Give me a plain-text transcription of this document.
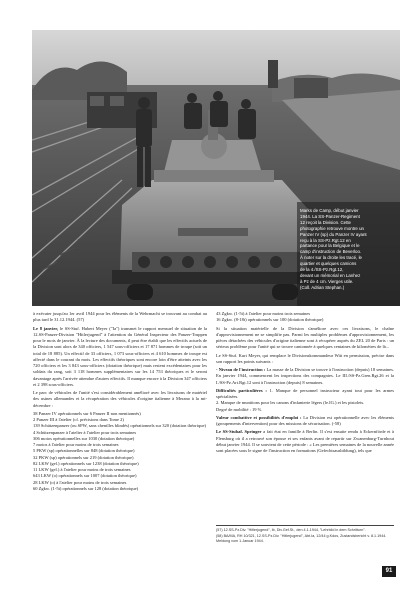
Marks de Camp, début janvier
1944. La SS-Panzer-Regiment
12 reçoit la Division. Cette
photographie retrouve montre un
Panzer IV (sp) du Panzer IV ayant
reçu à la SS-Pz.Rgt.12 en
partance pour la Belgique et le
camp d'instruction de Beverloo.
À noter sur la droite les tracé, le
quartier et quelques camions
de la 4./SS-Pz.Rgt.12,
devant un mémorial en Lanhez
à Pz de 4 cm. Vierges utile.
(Coll. Adrian Stephan.)

à exécuter jusqu'au 1er avril 1944 pour les éléments de la Wehrmacht se trouvant au combat au plus tard le 31.12.1944. (57)

Le 8 janvier, le SS-Stuf. Hubert Meyer ("Ia") transmet le rapport mensuel de situation de la 12.SS-Panzer-Division "Hitlerjugend" à l'attention du Général Inspecteur des Panzer-Truppen pour le mois de janvier. À la lecture des documents, il peut être établi que les effectifs actuels de la Division sont alors de 340 officiers, 1 547 sous-officiers et 17 871 hommes de troupe (soit un total de 18 885). Un effectif de 33 officiers, 1 073 sous-officiers et 4 610 hommes de troupe est affecté dans le courant du mois. Les effectifs théoriques sont encore loin d'être atteints avec les 720 officiers et les 3 843 sous-officiers (dotation théorique) mais restent excédentaires pour les soldats du rang, soit 3 118 hommes supplémentaires sur les 14 753 théoriques et le seront davantage après l'arrivée attendue d'autres effectifs. Il manque encore à la Division 347 officiers et 2 398 sous-officiers.

Le parc de véhicules de l'unité s'est considérablement amélioré avec les livraisons de matériel des usines allemandes et la récupération des véhicules d'origine italienne à Merano à la mi-décembre :

38 Panzer IV opérationnels sur 6 Panzer II non mentionnés)

2 Panzer III à l'atelier (cf. précisions dans Tome 2)

139 Schützenpanzer (ou SPW, sans chenilles blindés) opérationnels sur 320 (dotation théorique)

4 Schützenpanzer à l'atelier à l'atelier pour trois semaines

306 motos opérationnelles sur 1030 (dotation théorique)

7 motos à l'atelier pour moins de trois semaines

5 PKW (sp) opérationnelles sur 848 (dotation théorique)

32 PKW (sp) opérationnels sur 219 (dotation théorique)

82 LKW (gel.) opérationnels sur 1238 (dotation théorique)

11 LKW (gel.) à l'atelier pour moins de trois semaines

643 LKW (o) opérationnels sur 1007 (dotation théorique)

28 LKW (o) à l'atelier pour moins de trois semaines

60 Zgkw. (1-5t) opérationnels sur 128 (dotation théorique)

43 Zgkw. (1-5t) à l'atelier pour moins trois semaines

16 Zgkw. (8-18t) opérationnels sur 100 (dotation théorique)

Si la situation matérielle de la Division s'améliore avec ces livraisons, le chaîne d'approvisionnement ne se simplifie pas. Parmi les multiples problèmes d'approvisionnement, les pièces détachées des véhicules d'origine italienne sont à récupérer auprès du ZEL 20 de Paris : un sérieux problème pour l'unité qui se trouve cantonnée à quelques centaines de kilomètres de là...

Le SS-Stuf. Kurt Meyer, qui remplace le Divisionskommandeur Witt en permission, précise dans son rapport les points suivants :

- Niveau de l'instruction : La masse de la Division se trouve à l'instruction (depuis) 18 semaines. En janvier 1944, commencent les inspections des compagnies. Le III./SS-Pz.Gren.Rgt.26 et la I./SS-Pz.Art.Rgt.12 sont à l'instruction (depuis) 8 semaines.

Difficultés particulières : 1. Manque de personnel instructeur ayant tout pour les armes spécialisées.

2. Manque de munitions pour les canons d'infanterie légers (le.IG.) et les pistolets.

Degré de mobilité : 19 %

Valeur combattive et possibilités d'emploi : La Division est opérationnelle avec les éléments (groupements d'intervention) pour des missions de sécurisation. (-58)

Le SS-Stubaf. Springer a fait état en famille à Berlin. Il s'est ensuite rendu à Eckernförde et à Flensburg où il a retrouvé son épouse et ses enfants avant de repartir sur Zwanenburg-Turnhout début janvier 1944. Il se souvient de cette période : « Les premières semaines de la nouvelle année sont placées sous le signe de l'instruction en formations (Gefechtsausbildung), tels que

(57) 12.SS-Pz.Div. "Hitlerjugend", Ib, Div.Gef.St., den 4.1.1944, "Lehrbild in dem Schritturn".

(58) BA/MA, RH 10/321, 12.SS-Pz.Div. "Hitlerjugend", Abt.Ia, 12/44 g.Kdos, Zustandsbericht v. 8.1.1944. Meldung vom 1.Januar 1944.

91
